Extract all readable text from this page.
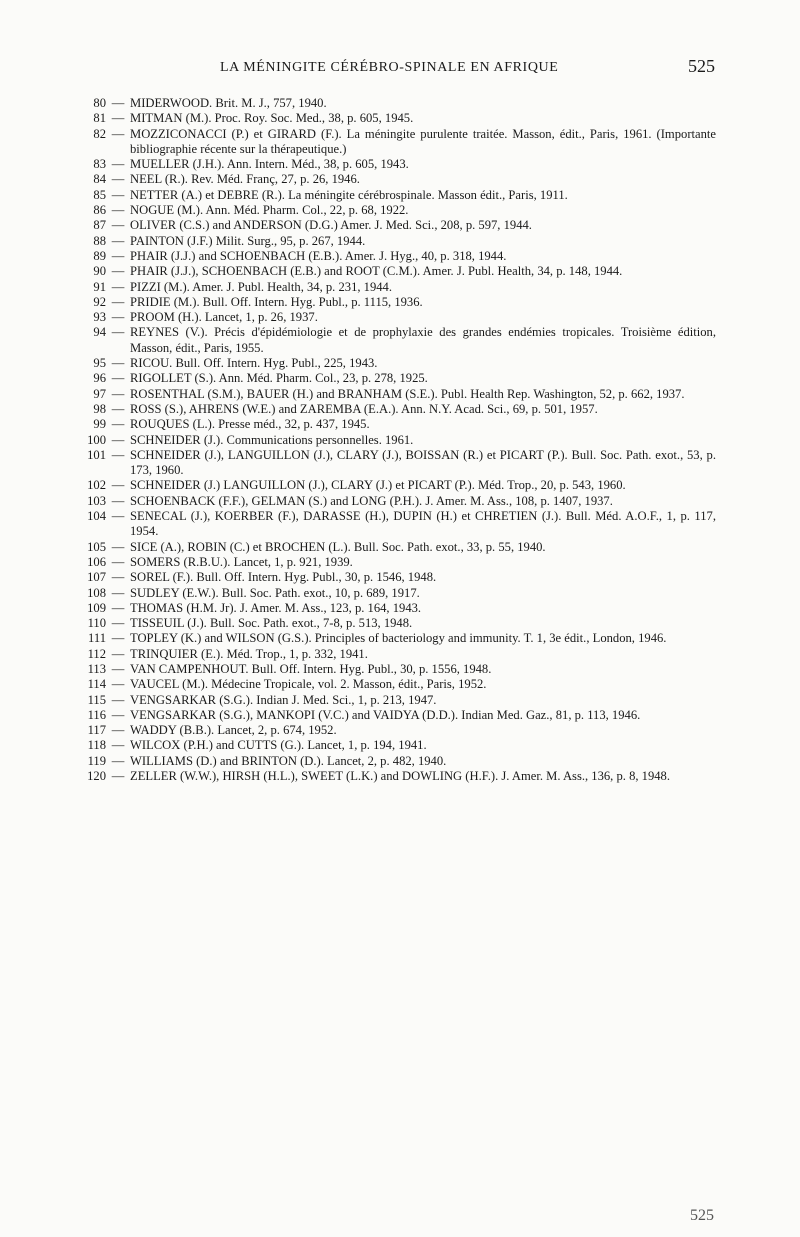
LA MÉNINGITE CÉRÉBRO-SPINALE EN AFRIQUE	525
80 — MIDERWOOD. Brit. M. J., 757, 1940.
81 — MITMAN (M.). Proc. Roy. Soc. Med., 38, p. 605, 1945.
82 — MOZZICONACCI (P.) et GIRARD (F.). La méningite purulente traitée. Masson, édit., Paris, 1961. (Importante bibliographie récente sur la thérapeutique.)
83 — MUELLER (J.H.). Ann. Intern. Méd., 38, p. 605, 1943.
84 — NEEL (R.). Rev. Méd. Franç, 27, p. 26, 1946.
85 — NETTER (A.) et DEBRE (R.). La méningite cérébrospinale. Masson édit., Paris, 1911.
86 — NOGUE (M.). Ann. Méd. Pharm. Col., 22, p. 68, 1922.
87 — OLIVER (C.S.) and ANDERSON (D.G.) Amer. J. Med. Sci., 208, p. 597, 1944.
88 — PAINTON (J.F.) Milit. Surg., 95, p. 267, 1944.
89 — PHAIR (J.J.) and SCHOENBACH (E.B.). Amer. J. Hyg., 40, p. 318, 1944.
90 — PHAIR (J.J.), SCHOENBACH (E.B.) and ROOT (C.M.). Amer. J. Publ. Health, 34, p. 148, 1944.
91 — PIZZI (M.). Amer. J. Publ. Health, 34, p. 231, 1944.
92 — PRIDIE (M.). Bull. Off. Intern. Hyg. Publ., p. 1115, 1936.
93 — PROOM (H.). Lancet, 1, p. 26, 1937.
94 — REYNES (V.). Précis d'épidémiologie et de prophylaxie des grandes endémies tropicales. Troisième édition, Masson, édit., Paris, 1955.
95 — RICOU. Bull. Off. Intern. Hyg. Publ., 225, 1943.
96 — RIGOLLET (S.). Ann. Méd. Pharm. Col., 23, p. 278, 1925.
97 — ROSENTHAL (S.M.), BAUER (H.) and BRANHAM (S.E.). Publ. Health Rep. Washington, 52, p. 662, 1937.
98 — ROSS (S.), AHRENS (W.E.) and ZAREMBA (E.A.). Ann. N.Y. Acad. Sci., 69, p. 501, 1957.
99 — ROUQUES (L.). Presse méd., 32, p. 437, 1945.
100 — SCHNEIDER (J.). Communications personnelles. 1961.
101 — SCHNEIDER (J.), LANGUILLON (J.), CLARY (J.), BOISSAN (R.) et PICART (P.). Bull. Soc. Path. exot., 53, p. 173, 1960.
102 — SCHNEIDER (J.) LANGUILLON (J.), CLARY (J.) et PICART (P.). Méd. Trop., 20, p. 543, 1960.
103 — SCHOENBACK (F.F.), GELMAN (S.) and LONG (P.H.). J. Amer. M. Ass., 108, p. 1407, 1937.
104 — SENECAL (J.), KOERBER (F.), DARASSE (H.), DUPIN (H.) et CHRETIEN (J.). Bull. Méd. A.O.F., 1, p. 117, 1954.
105 — SICE (A.), ROBIN (C.) et BROCHEN (L.). Bull. Soc. Path. exot., 33, p. 55, 1940.
106 — SOMERS (R.B.U.). Lancet, 1, p. 921, 1939.
107 — SOREL (F.). Bull. Off. Intern. Hyg. Publ., 30, p. 1546, 1948.
108 — SUDLEY (E.W.). Bull. Soc. Path. exot., 10, p. 689, 1917.
109 — THOMAS (H.M. Jr). J. Amer. M. Ass., 123, p. 164, 1943.
110 — TISSEUIL (J.). Bull. Soc. Path. exot., 7-8, p. 513, 1948.
111 — TOPLEY (K.) and WILSON (G.S.). Principles of bacteriology and immunity. T. 1, 3e édit., London, 1946.
112 — TRINQUIER (E.). Méd. Trop., 1, p. 332, 1941.
113 — VAN CAMPENHOUT. Bull. Off. Intern. Hyg. Publ., 30, p. 1556, 1948.
114 — VAUCEL (M.). Médecine Tropicale, vol. 2. Masson, édit., Paris, 1952.
115 — VENGSARKAR (S.G.). Indian J. Med. Sci., 1, p. 213, 1947.
116 — VENGSARKAR (S.G.), MANKOPI (V.C.) and VAIDYA (D.D.). Indian Med. Gaz., 81, p. 113, 1946.
117 — WADDY (B.B.). Lancet, 2, p. 674, 1952.
118 — WILCOX (P.H.) and CUTTS (G.). Lancet, 1, p. 194, 1941.
119 — WILLIAMS (D.) and BRINTON (D.). Lancet, 2, p. 482, 1940.
120 — ZELLER (W.W.), HIRSH (H.L.), SWEET (L.K.) and DOWLING (H.F.). J. Amer. M. Ass., 136, p. 8, 1948.
525
